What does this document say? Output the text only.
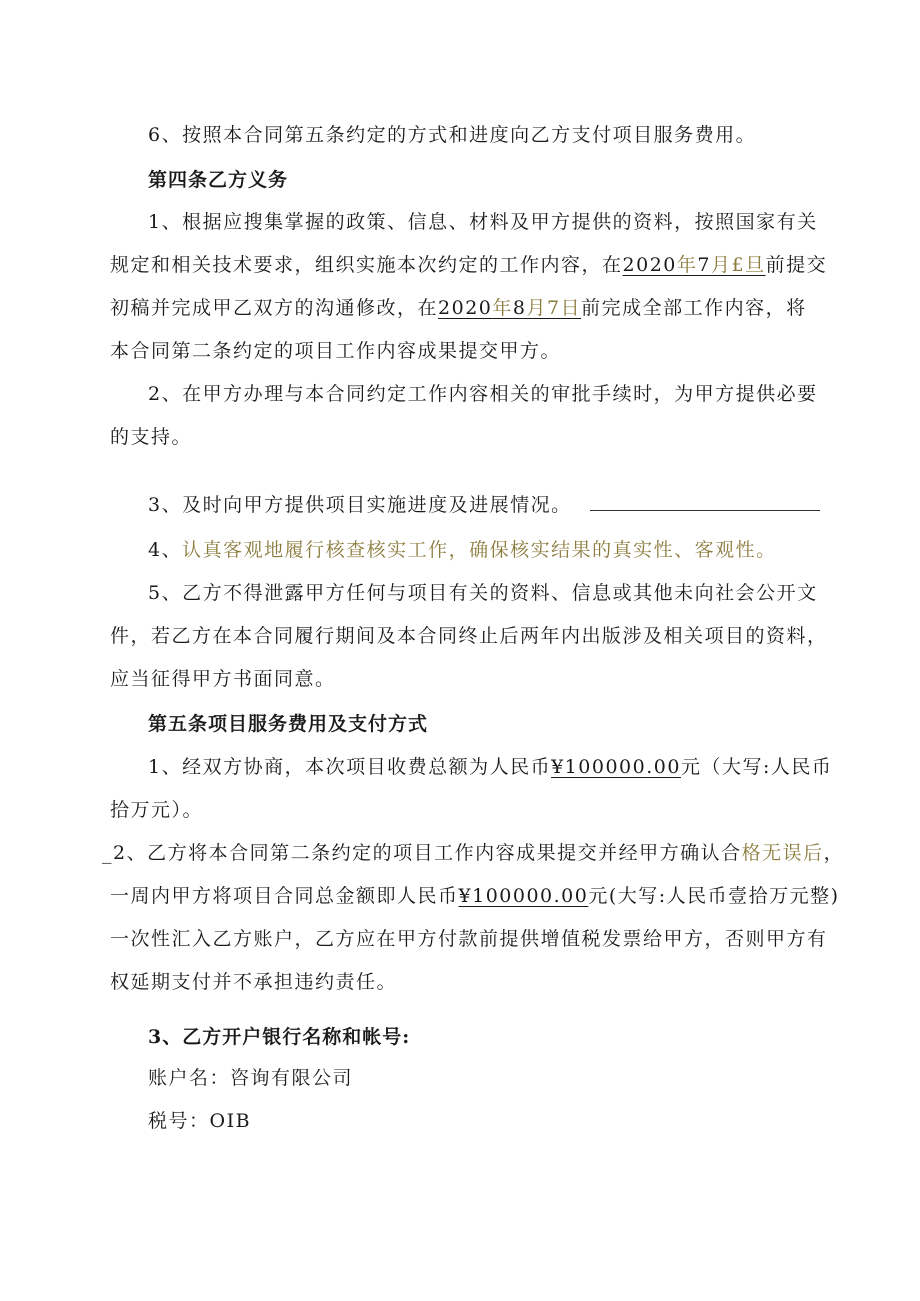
6、按照本合同第五条约定的方式和进度向乙方支付项目服务费用。
第四条乙方义务
1、根据应搜集掌握的政策、信息、材料及甲方提供的资料，按照国家有关
规定和相关技术要求，组织实施本次约定的工作内容，在2020年7月£旦前提交
初稿并完成甲乙双方的沟通修改，在2020年8月7日前完成全部工作内容，将
本合同第二条约定的项目工作内容成果提交甲方。
2、在甲方办理与本合同约定工作内容相关的审批手续时，为甲方提供必要
的支持。
3、及时向甲方提供项目实施进度及进展情况。
4、认真客观地履行核查核实工作，确保核实结果的真实性、客观性。
5、乙方不得泄露甲方任何与项目有关的资料、信息或其他未向社会公开文
件，若乙方在本合同履行期间及本合同终止后两年内出版涉及相关项目的资料，
应当征得甲方书面同意。
第五条项目服务费用及支付方式
1、经双方协商，本次项目收费总额为人民币¥100000.00元（大写:人民币
拾万元）。
_2、乙方将本合同第二条约定的项目工作内容成果提交并经甲方确认合格无误后，
一周内甲方将项目合同总金额即人民币¥100000.00元(大写:人民币壹拾万元整)
一次性汇入乙方账户，乙方应在甲方付款前提供增值税发票给甲方，否则甲方有
权延期支付并不承担违约责任。
3、乙方开户银行名称和帐号:
账户名：咨询有限公司
税号：OIB
